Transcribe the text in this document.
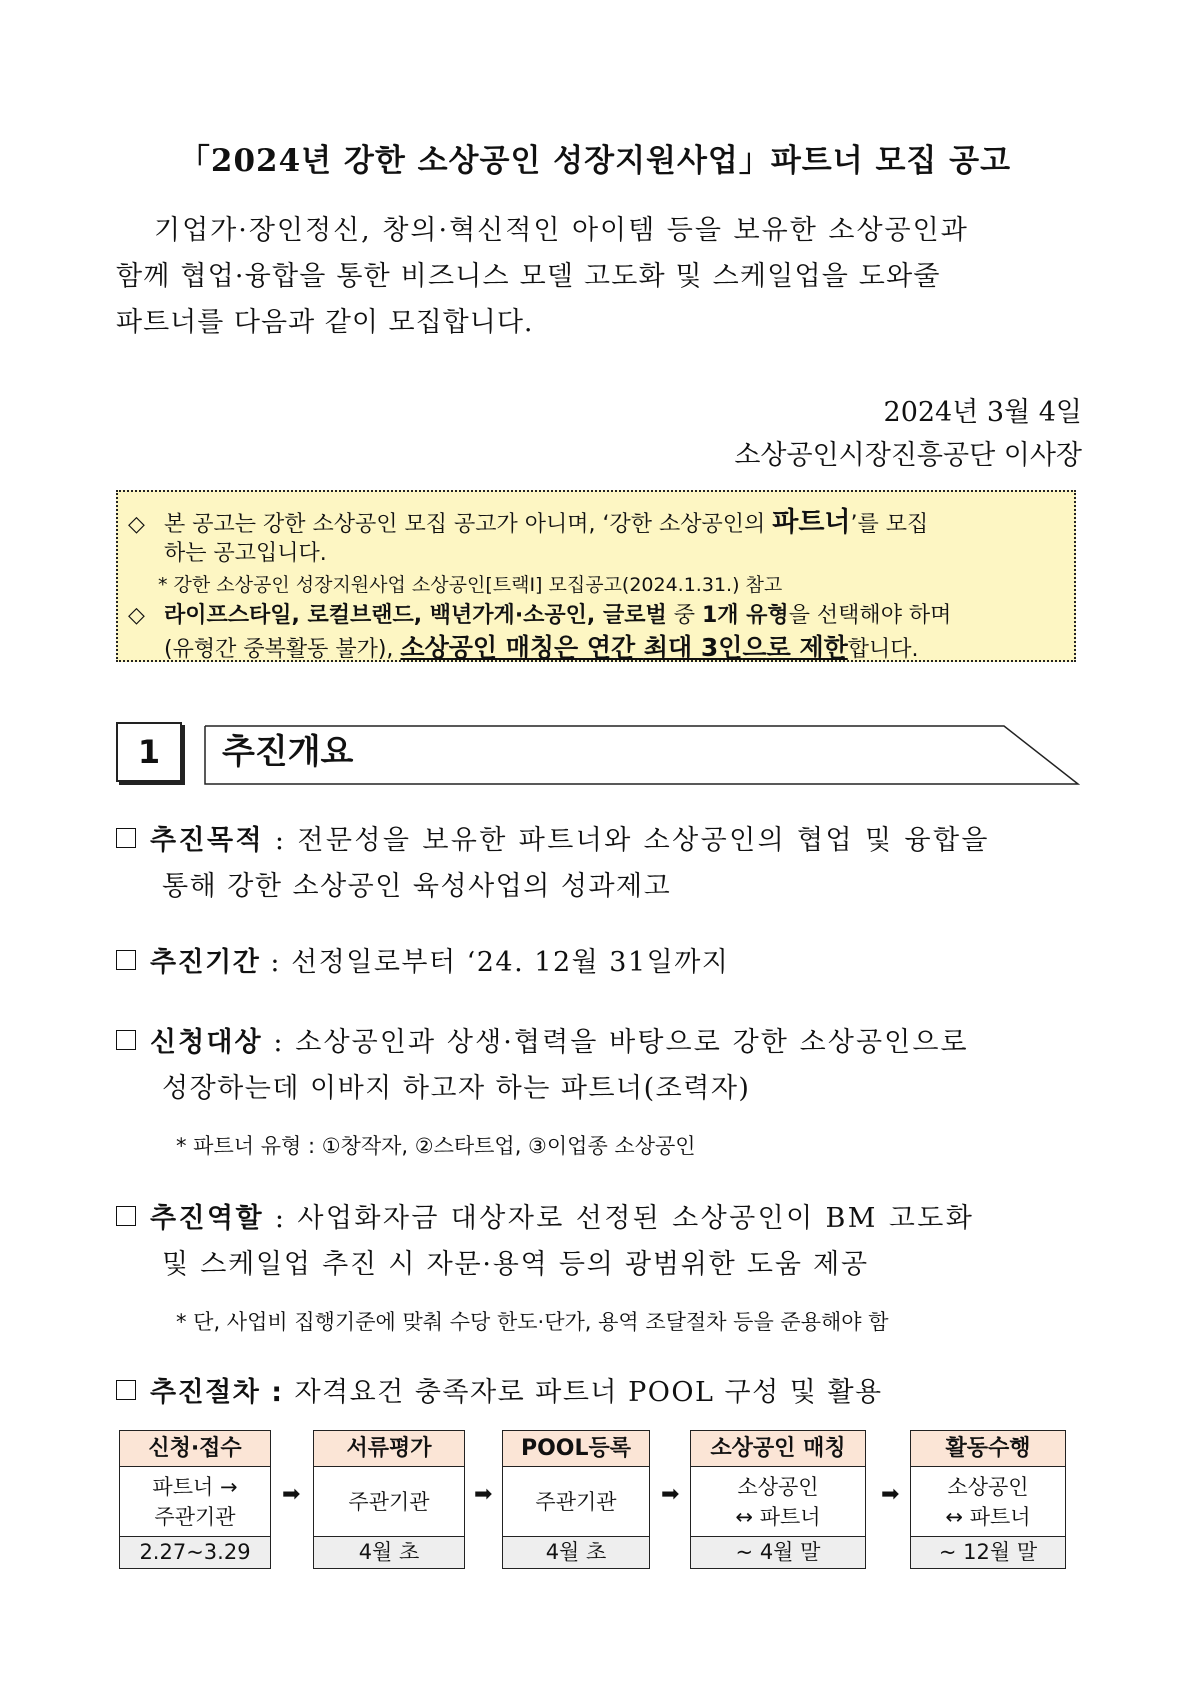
「2024년 강한 소상공인 성장지원사업」파트너 모집 공고

기업가·장인정신, 창의·혁신적인 아이템 등을 보유한 소상공인과

함께 협업·융합을 통한 비즈니스 모델 고도화 및 스케일업을 도와줄

파트너를 다음과 같이 모집합니다.

2024년 3월 4일
소상공인시장진흥공단 이사장
◇ 본 공고는 강한 소상공인 모집 공고가 아니며, ‘강한 소상공인의 파트너’를 모집
하는 공고입니다.
* 강한 소상공인 성장지원사업 소상공인[트랙Ⅰ] 모집공고(2024.1.31.) 참고
◇ 라이프스타일, 로컬브랜드, 백년가게·소공인, 글로벌 중 1개 유형을 선택해야 하며
(유형간 중복활동 불가), 소상공인 매칭은 연간 최대 3인으로 제한합니다.
1	추진개요
추진목적 : 전문성을 보유한 파트너와 소상공인의 협업 및 융합을
통해 강한 소상공인 육성사업의 성과제고
추진기간 : 선정일로부터 ‘24. 12월 31일까지
신청대상 : 소상공인과 상생·협력을 바탕으로 강한 소상공인으로
성장하는데 이바지 하고자 하는 파트너(조력자)
* 파트너 유형 : ①창작자, ②스타트업, ③이업종 소상공인
추진역할 : 사업화자금 대상자로 선정된 소상공인이 BM 고도화
및 스케일업 추진 시 자문·용역 등의 광범위한 도움 제공
* 단, 사업비 집행기준에 맞춰 수당 한도·단가, 용역 조달절차 등을 준용해야 함
추진절차 : 자격요건 충족자로 파트너 POOL 구성 및 활용
신청·접수
파트너 →
주관기관
2.27~3.29
➡
서류평가
주관기관
4월 초
➡
POOL등록
주관기관
4월 초
➡
소상공인 매칭
소상공인
↔ 파트너
~ 4월 말
➡
활동수행
소상공인
↔ 파트너
~ 12월 말
